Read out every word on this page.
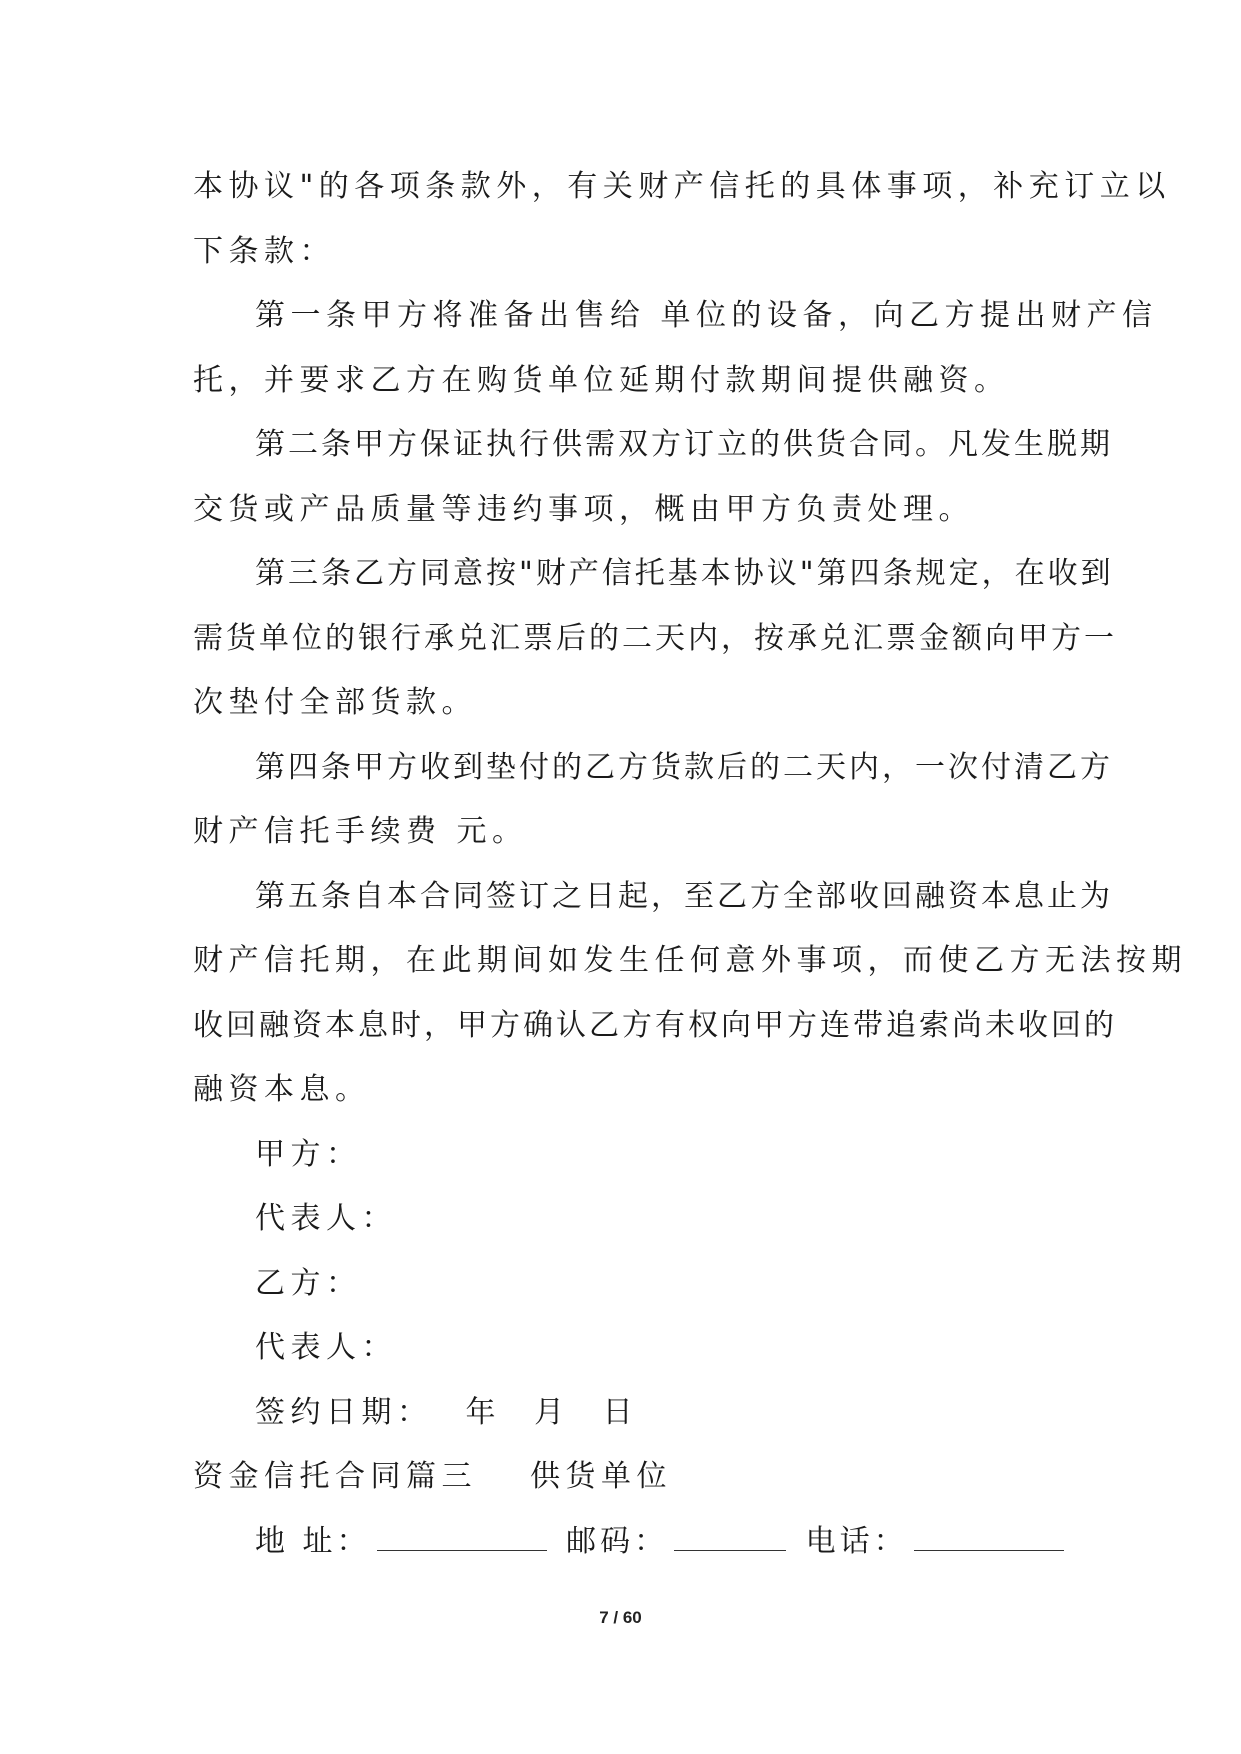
本协议"的各项条款外，有关财产信托的具体事项，补充订立以
下条款：
第一条甲方将准备出售给 单位的设备，向乙方提出财产信
托，并要求乙方在购货单位延期付款期间提供融资。
第二条甲方保证执行供需双方订立的供货合同。凡发生脱期
交货或产品质量等违约事项，概由甲方负责处理。
第三条乙方同意按"财产信托基本协议"第四条规定，在收到
需货单位的银行承兑汇票后的二天内，按承兑汇票金额向甲方一
次垫付全部货款。
第四条甲方收到垫付的乙方货款后的二天内，一次付清乙方
财产信托手续费 元。
第五条自本合同签订之日起，至乙方全部收回融资本息止为
财产信托期，在此期间如发生任何意外事项，而使乙方无法按期
收回融资本息时，甲方确认乙方有权向甲方连带追索尚未收回的
融资本息。
甲方：
代表人：
乙方：
代表人：
签约日期： 年 月 日
资金信托合同篇三 供货单位
地 址：	邮码：	电话：
7 / 60
